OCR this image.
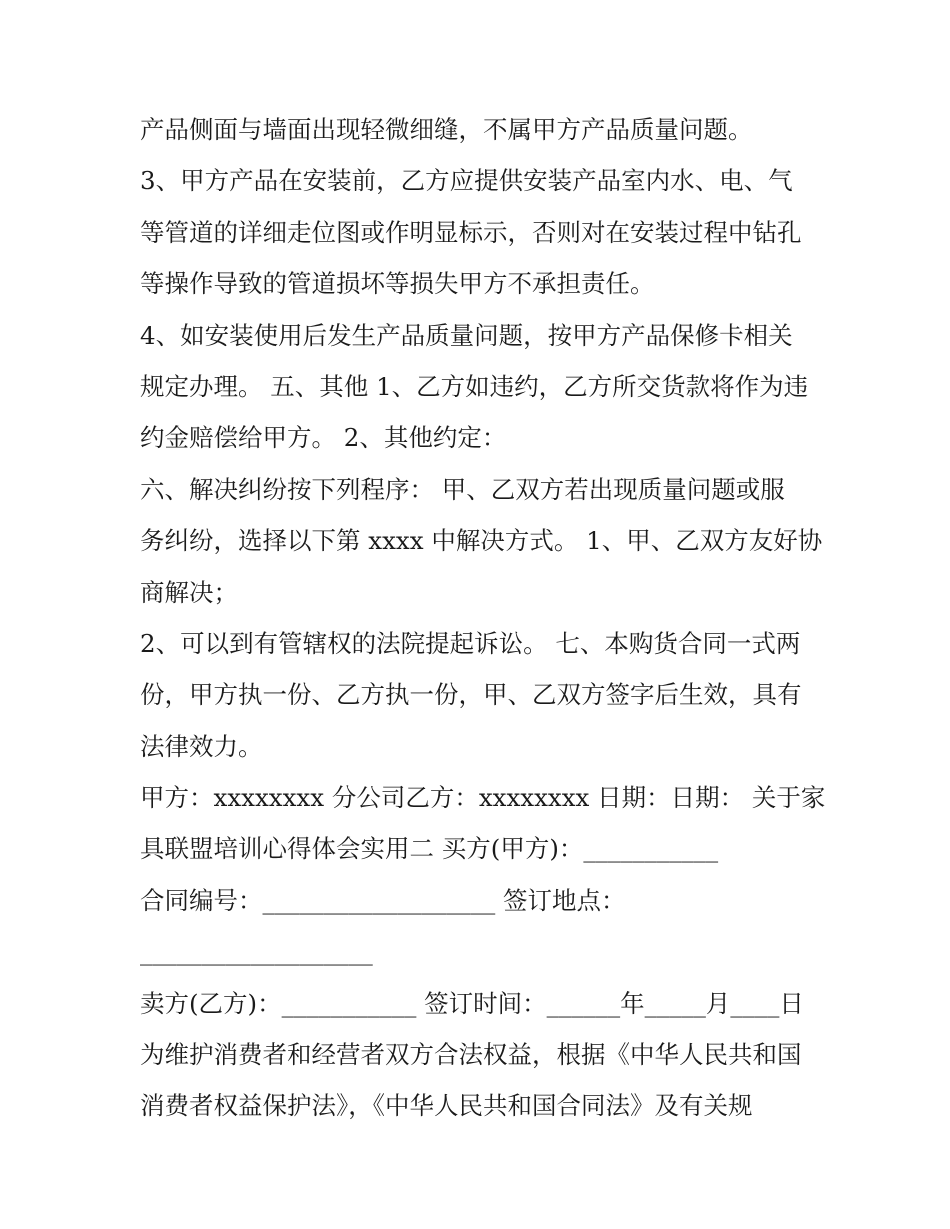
产品侧面与墙面出现轻微细缝，不属甲方产品质量问题。
3、甲方产品在安装前，乙方应提供安装产品室内水、电、气
等管道的详细走位图或作明显标示，否则对在安装过程中钻孔
等操作导致的管道损坏等损失甲方不承担责任。
4、如安装使用后发生产品质量问题，按甲方产品保修卡相关
规定办理。 五、其他 1、乙方如违约，乙方所交货款将作为违
约金赔偿给甲方。 2、其他约定：
六、解决纠纷按下列程序： 甲、乙双方若出现质量问题或服
务纠纷，选择以下第 xxxx 中解决方式。 1、甲、乙双方友好协
商解决；
2、可以到有管辖权的法院提起诉讼。 七、本购货合同一式两
份，甲方执一份、乙方执一份，甲、乙双方签字后生效，具有
法律效力。
甲方：xxxxxxxx 分公司乙方：xxxxxxxx 日期：日期： 关于家
具联盟培训心得体会实用二 买方(甲方)：___________
合同编号：___________________ 签订地点：
___________________
卖方(乙方)：___________ 签订时间：______年_____月____日
为维护消费者和经营者双方合法权益，根据《中华人民共和国
消费者权益保护法》，《中华人民共和国合同法》及有关规
